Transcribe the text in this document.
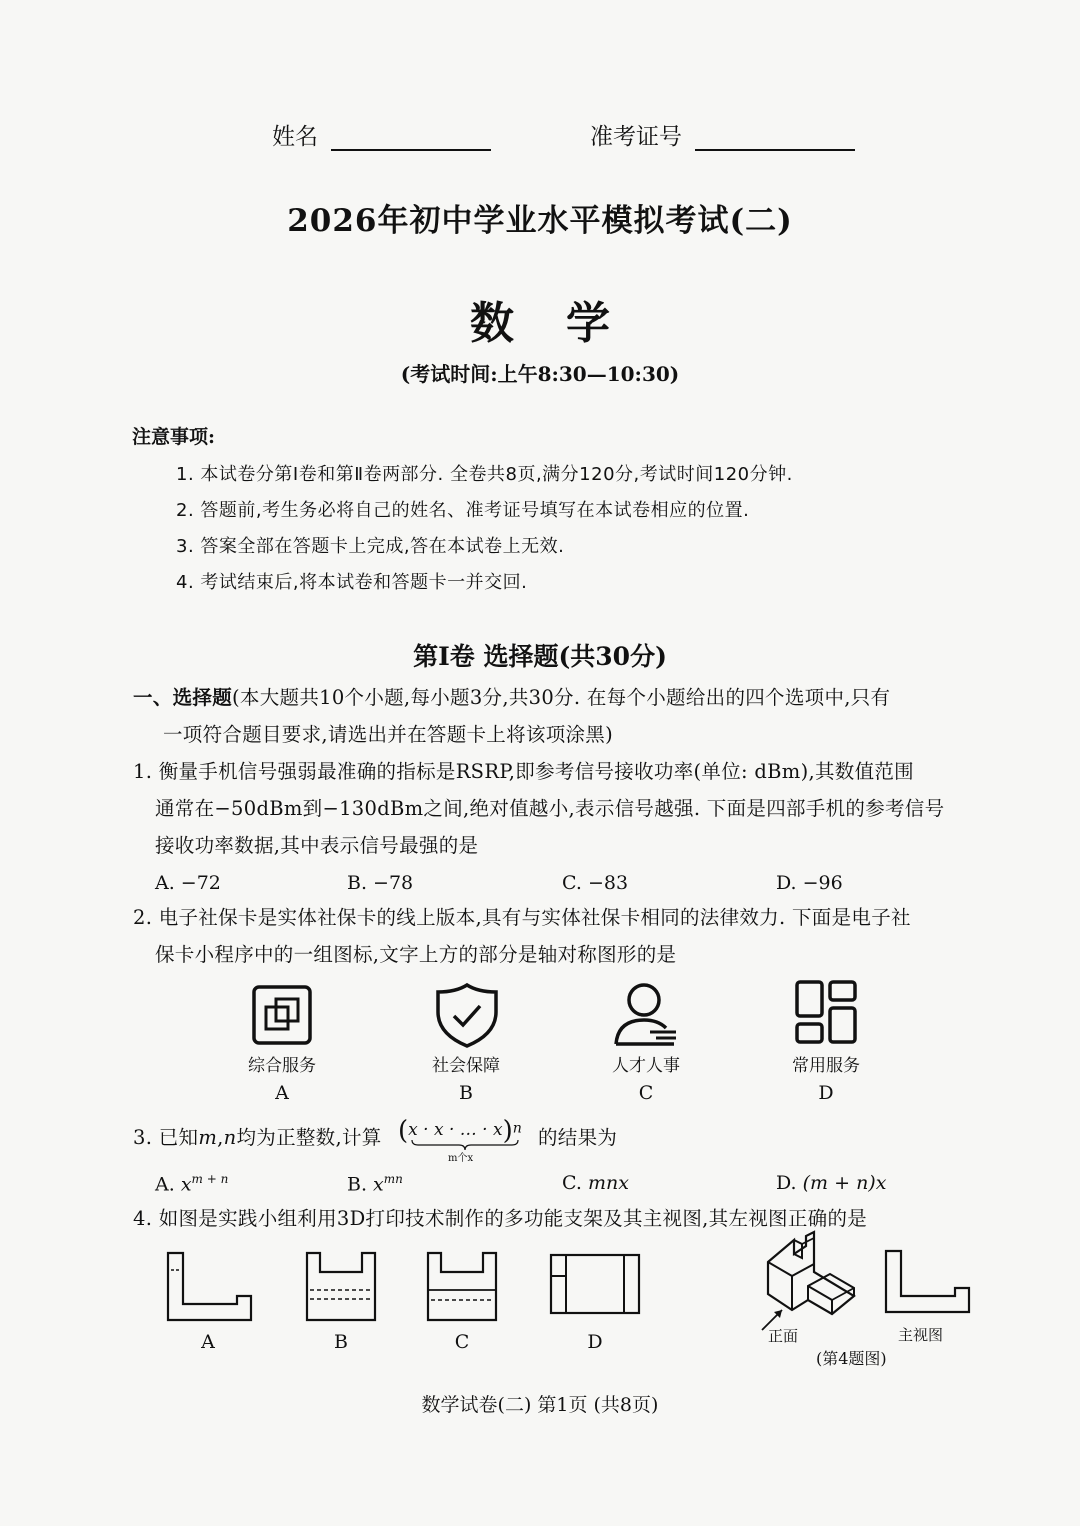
姓名	准考证号
2026年初中学业水平模拟考试(二)
数学
(考试时间:上午8:30—10:30)
注意事项:
1. 本试卷分第Ⅰ卷和第Ⅱ卷两部分. 全卷共8页,满分120分,考试时间120分钟.
2. 答题前,考生务必将自己的姓名、准考证号填写在本试卷相应的位置.
3. 答案全部在答题卡上完成,答在本试卷上无效.
4. 考试结束后,将本试卷和答题卡一并交回.
第Ⅰ卷 选择题(共30分)
一、选择题(本大题共10个小题,每小题3分,共30分. 在每个小题给出的四个选项中,只有
一项符合题目要求,请选出并在答题卡上将该项涂黑)
1. 衡量手机信号强弱最准确的指标是RSRP,即参考信号接收功率(单位: dBm),其数值范围
通常在−50dBm到−130dBm之间,绝对值越小,表示信号越强. 下面是四部手机的参考信号
接收功率数据,其中表示信号最强的是
A. −72	B. −78	C. −83	D. −96
2. 电子社保卡是实体社保卡的线上版本,具有与实体社保卡相同的法律效力. 下面是电子社
保卡小程序中的一组图标,文字上方的部分是轴对称图形的是
综合服务	社会保障	人才人事	常用服务
A	B	C	D
3. 已知m,n均为正整数,计算 (x · x · … · x)$^n$
m个x
的结果为
A. $x^{m + n}$	B. $x^{mn}$	C. mnx	D. (m + n)x
4. 如图是实践小组利用3D打印技术制作的多功能支架及其主视图,其左视图正确的是
A	B	C	D	正面	主视图
(第4题图)
数学试卷(二) 第1页 (共8页)
